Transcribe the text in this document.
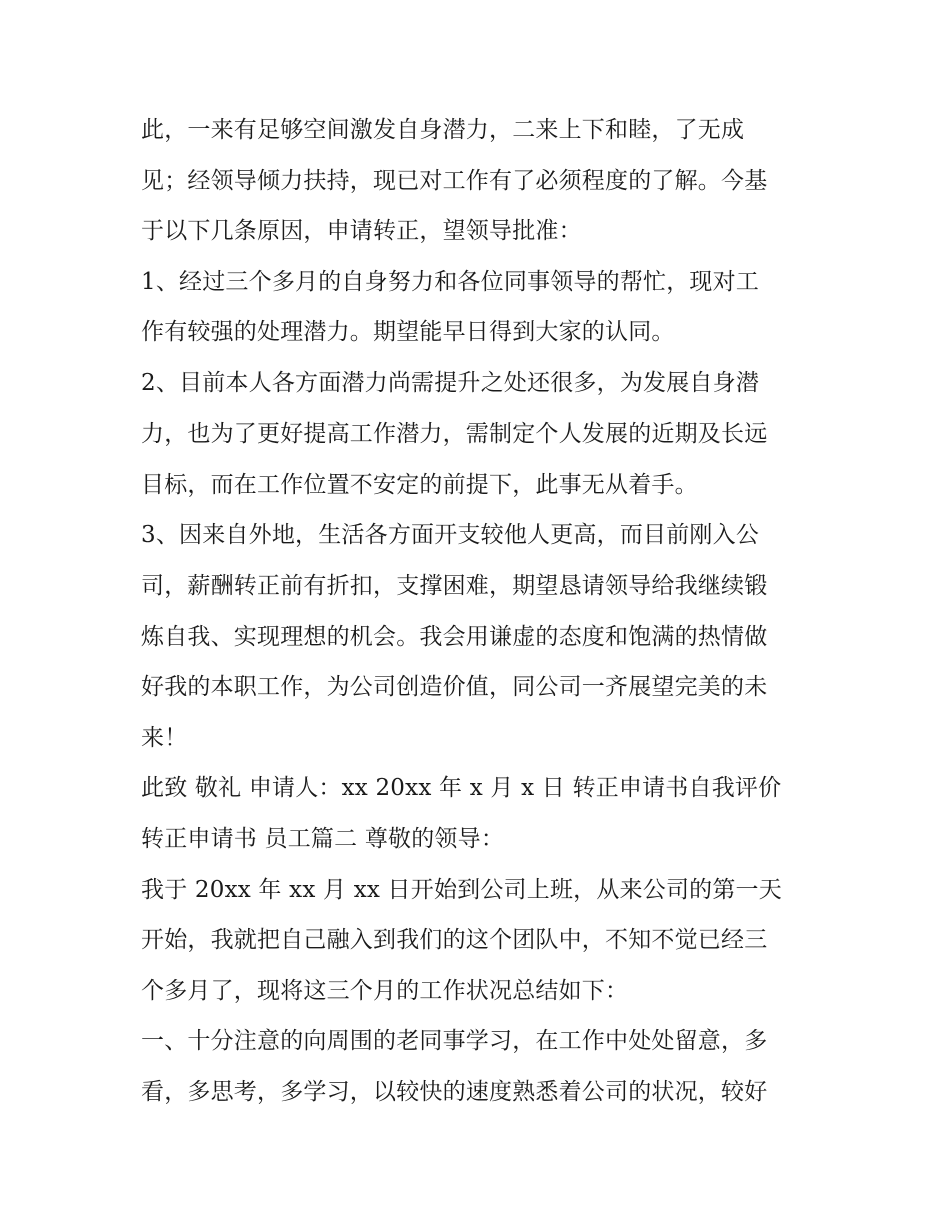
此，一来有足够空间激发自身潜力，二来上下和睦，了无成
见；经领导倾力扶持，现已对工作有了必须程度的了解。今基
于以下几条原因，申请转正，望领导批准：
1、经过三个多月的自身努力和各位同事领导的帮忙，现对工
作有较强的处理潜力。期望能早日得到大家的认同。
2、目前本人各方面潜力尚需提升之处还很多，为发展自身潜
力，也为了更好提高工作潜力，需制定个人发展的近期及长远
目标，而在工作位置不安定的前提下，此事无从着手。
3、因来自外地，生活各方面开支较他人更高，而目前刚入公
司，薪酬转正前有折扣，支撑困难，期望恳请领导给我继续锻
炼自我、实现理想的机会。我会用谦虚的态度和饱满的热情做
好我的本职工作，为公司创造价值，同公司一齐展望完美的未
来！
此致 敬礼 申请人：xx 20xx 年 x 月 x 日 转正申请书自我评价
转正申请书 员工篇二 尊敬的领导：
我于 20xx 年 xx 月 xx 日开始到公司上班，从来公司的第一天
开始，我就把自己融入到我们的这个团队中，不知不觉已经三
个多月了，现将这三个月的工作状况总结如下：
一、十分注意的向周围的老同事学习，在工作中处处留意，多
看，多思考，多学习，以较快的速度熟悉着公司的状况，较好
